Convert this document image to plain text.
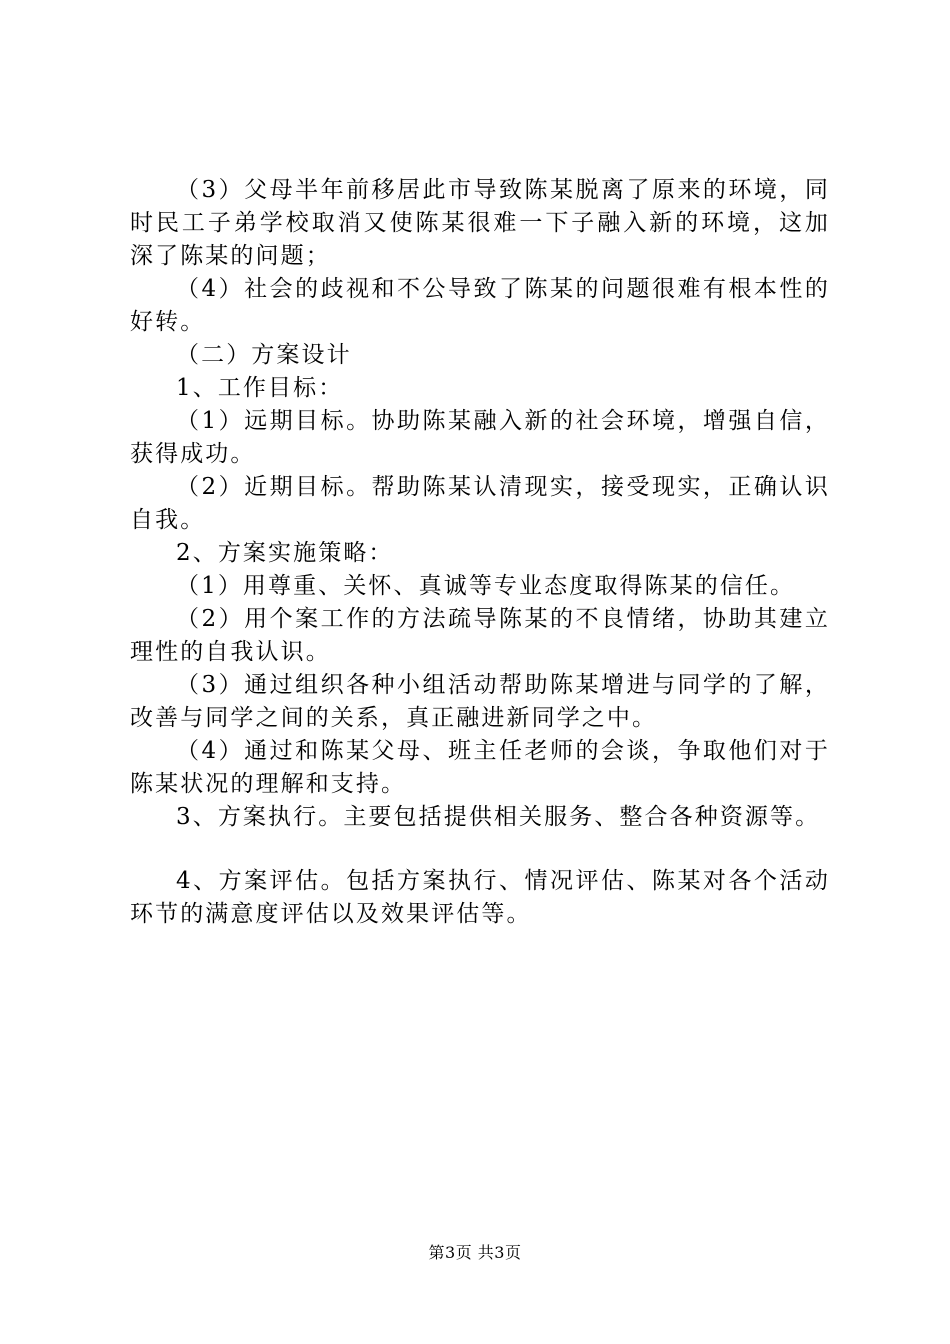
（3）父母半年前移居此市导致陈某脱离了原来的环境，同时民工子弟学校取消又使陈某很难一下子融入新的环境，这加深了陈某的问题；

（4）社会的歧视和不公导致了陈某的问题很难有根本性的好转。

（二）方案设计

1、工作目标：

（1）远期目标。协助陈某融入新的社会环境，增强自信，获得成功。

（2）近期目标。帮助陈某认清现实，接受现实，正确认识自我。

2、方案实施策略：

（1）用尊重、关怀、真诚等专业态度取得陈某的信任。

（2）用个案工作的方法疏导陈某的不良情绪，协助其建立理性的自我认识。

（3）通过组织各种小组活动帮助陈某增进与同学的了解，改善与同学之间的关系，真正融进新同学之中。

（4）通过和陈某父母、班主任老师的会谈，争取他们对于陈某状况的理解和支持。

3、方案执行。主要包括提供相关服务、整合各种资源等。

4、方案评估。包括方案执行、情况评估、陈某对各个活动环节的满意度评估以及效果评估等。

第3页 共3页
